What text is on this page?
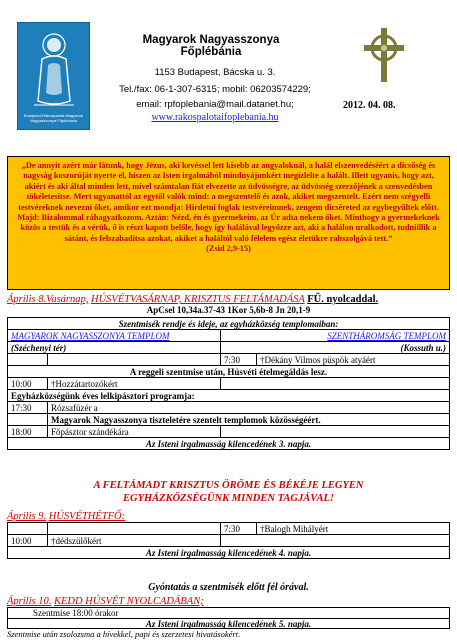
Budapest-Rákospalota Magyarok Nagyasszonya Főplébánia
Magyarok Nagyasszonya Főplébánia
1153 Budapest, Bácska u. 3.
Tel./fax: 06-1-307-6315; mobil: 06203574229;
email: rpfoplebania@mail.datanet.hu;
www.rakospalotaifoplebania.hu
2012. 04. 08.
„De annyit azért már látunk, hogy Jézus, aki kevéssel lett kisebb az angyaloknál, a halál elszenvedéséért a dicsőség és nagyság koszorúját nyerte el, hiszen az Isten irgalmából mindnyájunkért megízlelte a halált. Illett ugyanis, hogy azt, akiért és aki által minden lett, mivel számtalan fiát elvezette az üdvösségre, az üdvösség szerzőjének a szenvedésben tökéletesítse. Mert ugyanattól az egytől valók mind: a megszentelő és azok, akiket megszentelt. Ezért nem szégyelli testvéreknek nevezni őket, amikor ezt mondja: Hirdetni foglak testvéreimnek, zengem dicséreted az egybegyűltek előtt. Majd: Bizalommal ráhagyatkozom. Aztán: Nézd, én és gyermekeim, az Úr adta nekem őket. Minthogy a gyermekeknek közös a testük és a vérük, ő is részt kapott belőle, hogy így halálával legyőzze azt, aki a halálon uralkodott, tudniillik a sátánt, és felszabadítsa azokat, akiket a haláltól való félelem egész életükre rabszolgává tett.”
(Zsid 2,9-15)
Április 8.Vasárnap, HÚSVÉTVASÁRNAP, KRISZTUS FELTÁMADÁSA FŰ. nyolcaddal.
ApCsel 10,34a.37-43 1Kor 5,6b-8 Jn 20,1-9
Szentmisék rendje és ideje, az egyházközség templomaiban:			
MAGYAROK NAGYASSZONYA TEMPLOM		SZENTHÁROMSÁG TEMPLOM	
(Széchenyi tér)		(Kossuth u.)	
		7:30	†Dékány Vilmos püspök atyáért
A reggeli szentmise után, Húsvéti ételmegáldás lesz.			
10:00	†Hozzátartozókért		
Egyházközségünk éves lelkipásztori programja:			
17:30	Rózsafüzér a		
	Magyarok Nagyasszonya tiszteletére szentelt templomok közösségéért.		
18:00	Főpásztor szándékára		
Az Isteni irgalmasság kilencedének 3. napja.			
A FELTÁMADT KRISZTUS ÖRÖME ÉS BÉKÉJE LEGYEN
EGYHÁZKÖZSÉGÜNK MINDEN TAGJÁVAL!
Április 9. HÚSVÉTHÉTFŐ:
		7:30	†Balogh Mihályért
10:00	†dédszülőkért		
Az Isteni irgalmasság kilencedének 4. napja.			
Gyóntatás a szentmisék előtt fél órával.
Április 10. KEDD HÚSVÉT NYOLCADÁBAN;
Szentmise 18:00 órakor
Az Isteni irgalmasság kilencedének 5. napja.
Szentmise után zsolozsma a hívekkel, papi és szerzetesi hivatásokért.
